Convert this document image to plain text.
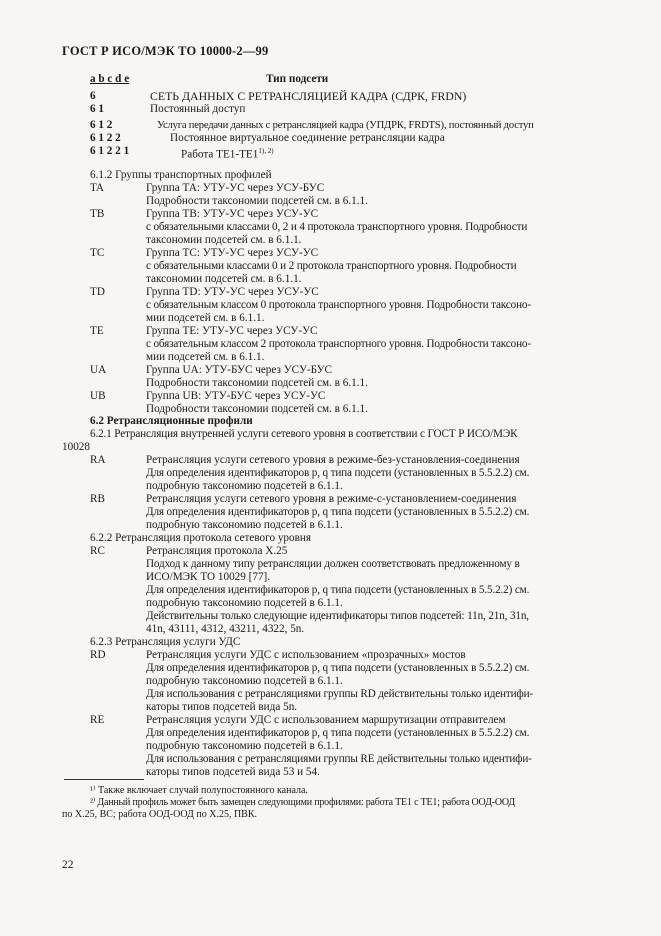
ГОСТ Р ИСО/МЭК ТО 10000-2—99
a b c d e	Тип подсети
6	СЕТЬ ДАННЫХ С РЕТРАНСЛЯЦИЕЙ КАДРА (СДРК, FRDN)
6 1	Постоянный доступ
6 1 2	Услуга передачи данных с ретрансляцией кадра (УПДРК, FRDTS), постоянный доступ
6 1 2 2	Постоянное виртуальное соединение ретрансляции кадра
6 1 2 2 1	Работа $ТЕ1-ТЕ1^{1), 2)}$
6.1.2 Группы транспортных профилей
TA	Группа ТА: УТУ-УС через УСУ-БУС
Подробности таксономии подсетей см. в 6.1.1.
TB	Группа ТВ: УТУ-УС через УСУ-УС
с обязательными классами 0, 2 и 4 протокола транспортного уровня. Подробности
таксономии подсетей см. в 6.1.1.
TC	Группа ТС: УТУ-УС через УСУ-УС
с обязательными классами 0 и 2 протокола транспортного уровня. Подробности
таксономии подсетей см. в 6.1.1.
TD	Группа ТD: УТУ-УС через УСУ-УС
с обязательным классом 0 протокола транспортного уровня. Подробности таксоно-
мии подсетей см. в 6.1.1.
TE	Группа ТЕ: УТУ-УС через УСУ-УС
с обязательным классом 2 протокола транспортного уровня. Подробности таксоно-
мии подсетей см. в 6.1.1.
UA	Группа UA: УТУ-БУС через УСУ-БУС
Подробности таксономии подсетей см. в 6.1.1.
UB	Группа UB: УТУ-БУС через УСУ-УС
Подробности таксономии подсетей см. в 6.1.1.
6.2 Ретрансляционные профили
6.2.1 Ретрансляция внутренней услуги сетевого уровня в соответствии с ГОСТ Р ИСО/МЭК
10028
RA	Ретрансляция услуги сетевого уровня в режиме-без-установления-соединения
Для определения идентификаторов p, q типа подсети (установленных в 5.5.2.2) см.
подробную таксономию подсетей в 6.1.1.
RB	Ретрансляция услуги сетевого уровня в режиме-с-установлением-соединения
Для определения идентификаторов p, q типа подсети (установленных в 5.5.2.2) см.
подробную таксономию подсетей в 6.1.1.
6.2.2 Ретрансляция протокола сетевого уровня
RC	Ретрансляция протокола Х.25
Подход к данному типу ретрансляции должен соответствовать предложенному в
ИСО/МЭК ТО 10029 [77].
Для определения идентификаторов p, q типа подсети (установленных в 5.5.2.2) см.
подробную таксономию подсетей в 6.1.1.
Действительны только следующие идентификаторы типов подсетей: 11n, 21n, 31n,
41n, 43111, 4312, 43211, 4322, 5n.
6.2.3 Ретрансляция услуги УДС
RD	Ретрансляция услуги УДС с использованием «прозрачных» мостов
Для определения идентификаторов p, q типа подсети (установленных в 5.5.2.2) см.
подробную таксономию подсетей в 6.1.1.
Для использования с ретрансляциями группы RD действительны только идентифи-
каторы типов подсетей вида 5n.
RE	Ретрансляция услуги УДС с использованием маршрутизации отправителем
Для определения идентификаторов p, q типа подсети (установленных в 5.5.2.2) см.
подробную таксономию подсетей в 6.1.1.
Для использования с ретрансляциями группы RE действительны только идентифи-
каторы типов подсетей вида 53 и 54.
¹⁾ Также включает случай полупостоянного канала.
²⁾ Данный профиль может быть замещен следующими профилями: работа ТЕ1 с ТЕ1; работа ООД-ООД
по Х.25, ВС; работа ООД-ООД по Х.25, ПВК.
22
